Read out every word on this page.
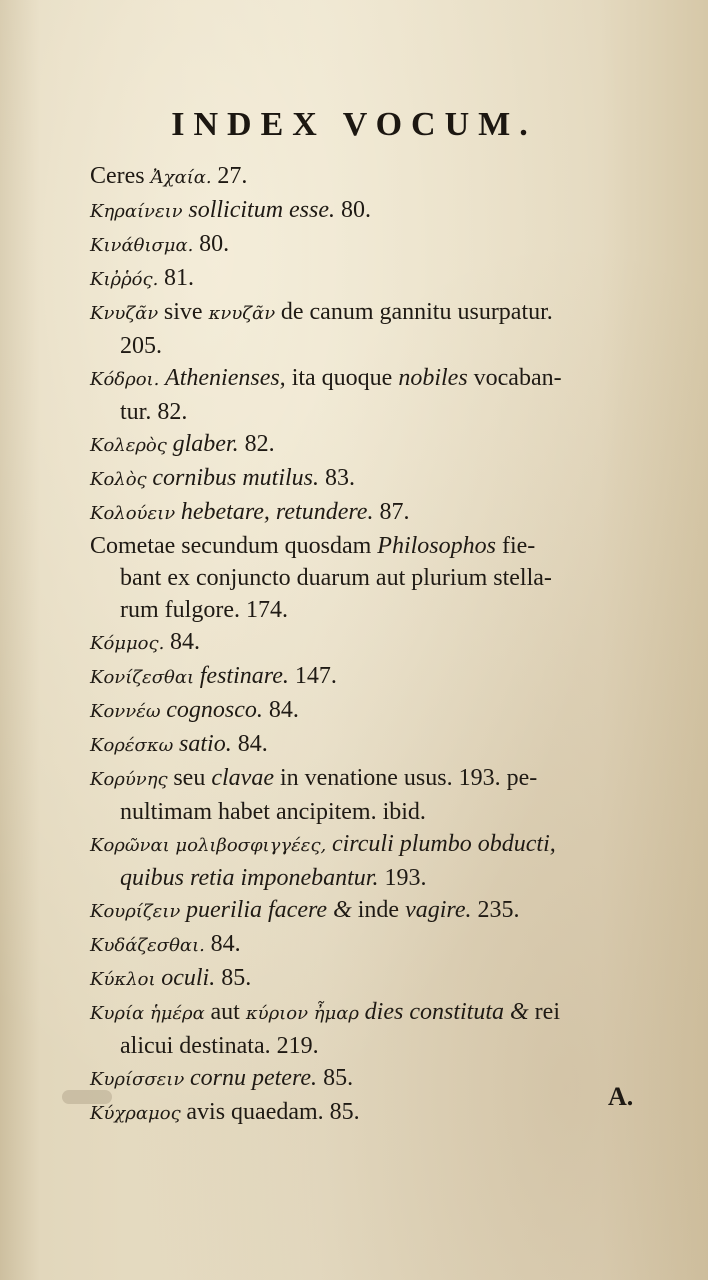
INDEX VOCUM.
Ceres Ἀχαία. 27.
Κηραίνειν sollicitum esse. 80.
Κινάθισμα. 80.
Κιῤῥός. 81.
Κνυζᾶν sive κνυζᾶν de canum gannitu usurpatur.

205.
Κόδροι. Athenienses, ita quoque nobiles vocaban-

tur. 82.
Κολερὸς glaber. 82.
Κολὸς cornibus mutilus. 83.
Κολούειν hebetare, retundere. 87.
Cometae secundum quosdam Philosophos fie-

bant ex conjuncto duarum aut plurium stella-
rum fulgore. 174.
Κόμμος. 84.
Κονίζεσθαι festinare. 147.
Κοννέω cognosco. 84.
Κορέσκω satio. 84.
Κορύνης seu clavae in venatione usus. 193. pe-

nultimam habet ancipitem. ibid.
Κορῶναι μολιβοσφιγγέες, circuli plumbo obducti,

quibus retia imponebantur. 193.
Κουρίζειν puerilia facere & inde vagire. 235.
Κυδάζεσθαι. 84.
Κύκλοι oculi. 85.
Κυρία ἡμέρα aut κύριον ἦμαρ dies constituta & rei

alicui destinata. 219.
Κυρίσσειν cornu petere. 85.
Κύχραμος avis quaedam. 85.
A.
